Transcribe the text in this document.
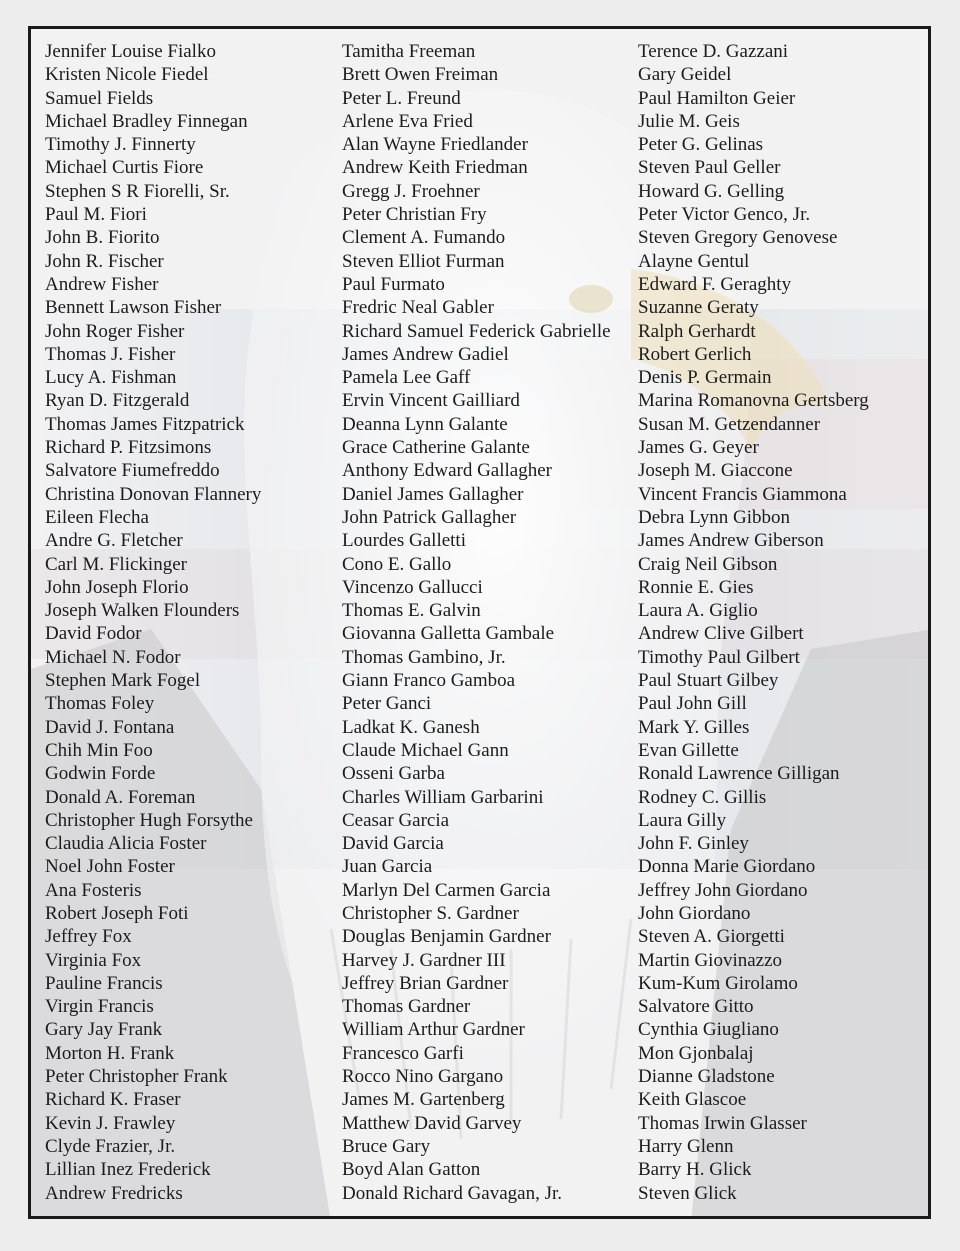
Jennifer Louise Fialko
Kristen Nicole Fiedel
Samuel Fields
Michael Bradley Finnegan
Timothy J. Finnerty
Michael Curtis Fiore
Stephen S R Fiorelli, Sr.
Paul M. Fiori
John B. Fiorito
John R. Fischer
Andrew Fisher
Bennett Lawson Fisher
John Roger Fisher
Thomas J. Fisher
Lucy A. Fishman
Ryan D. Fitzgerald
Thomas James Fitzpatrick
Richard P. Fitzsimons
Salvatore Fiumefreddo
Christina Donovan Flannery
Eileen Flecha
Andre G. Fletcher
Carl M. Flickinger
John Joseph Florio
Joseph Walken Flounders
David Fodor
Michael N. Fodor
Stephen Mark Fogel
Thomas Foley
David J. Fontana
Chih Min Foo
Godwin Forde
Donald A. Foreman
Christopher Hugh Forsythe
Claudia Alicia Foster
Noel John Foster
Ana Fosteris
Robert Joseph Foti
Jeffrey Fox
Virginia Fox
Pauline Francis
Virgin Francis
Gary Jay Frank
Morton H. Frank
Peter Christopher Frank
Richard K. Fraser
Kevin J. Frawley
Clyde Frazier, Jr.
Lillian Inez Frederick
Andrew Fredricks
Tamitha Freeman
Brett Owen Freiman
Peter L. Freund
Arlene Eva Fried
Alan Wayne Friedlander
Andrew Keith Friedman
Gregg J. Froehner
Peter Christian Fry
Clement A. Fumando
Steven Elliot Furman
Paul Furmato
Fredric Neal Gabler
Richard Samuel Federick Gabrielle
James Andrew Gadiel
Pamela Lee Gaff
Ervin Vincent Gailliard
Deanna Lynn Galante
Grace Catherine Galante
Anthony Edward Gallagher
Daniel James Gallagher
John Patrick Gallagher
Lourdes Galletti
Cono E. Gallo
Vincenzo Gallucci
Thomas E. Galvin
Giovanna Galletta Gambale
Thomas Gambino, Jr.
Giann Franco Gamboa
Peter Ganci
Ladkat K. Ganesh
Claude Michael Gann
Osseni Garba
Charles William Garbarini
Ceasar Garcia
David Garcia
Juan Garcia
Marlyn Del Carmen Garcia
Christopher S. Gardner
Douglas Benjamin Gardner
Harvey J. Gardner III
Jeffrey Brian Gardner
Thomas Gardner
William Arthur Gardner
Francesco Garfi
Rocco Nino Gargano
James M. Gartenberg
Matthew David Garvey
Bruce Gary
Boyd Alan Gatton
Donald Richard Gavagan, Jr.
Terence D. Gazzani
Gary Geidel
Paul Hamilton Geier
Julie M. Geis
Peter G. Gelinas
Steven Paul Geller
Howard G. Gelling
Peter Victor Genco, Jr.
Steven Gregory Genovese
Alayne Gentul
Edward F. Geraghty
Suzanne Geraty
Ralph Gerhardt
Robert Gerlich
Denis P. Germain
Marina Romanovna Gertsberg
Susan M. Getzendanner
James G. Geyer
Joseph M. Giaccone
Vincent Francis Giammona
Debra Lynn Gibbon
James Andrew Giberson
Craig Neil Gibson
Ronnie E. Gies
Laura A. Giglio
Andrew Clive Gilbert
Timothy Paul Gilbert
Paul Stuart Gilbey
Paul John Gill
Mark Y. Gilles
Evan Gillette
Ronald Lawrence Gilligan
Rodney C. Gillis
Laura Gilly
John F. Ginley
Donna Marie Giordano
Jeffrey John Giordano
John Giordano
Steven A. Giorgetti
Martin Giovinazzo
Kum-Kum Girolamo
Salvatore Gitto
Cynthia Giugliano
Mon Gjonbalaj
Dianne Gladstone
Keith Glascoe
Thomas Irwin Glasser
Harry Glenn
Barry H. Glick
Steven Glick
